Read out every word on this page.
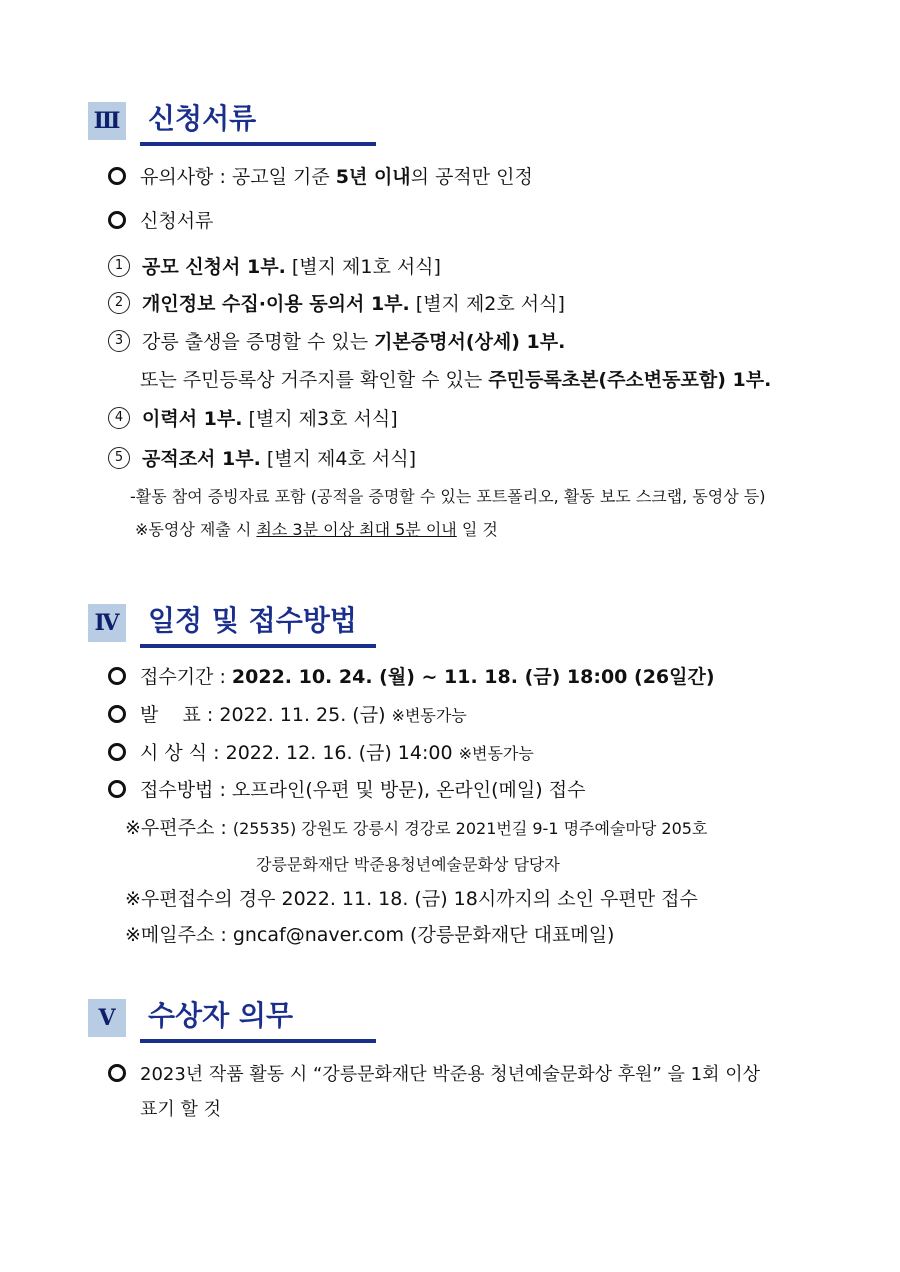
Ⅲ 신청서류
유의사항 : 공고일 기준 5년 이내의 공적만 인정
신청서류
1 공모 신청서 1부. [별지 제1호 서식]
2 개인정보 수집·이용 동의서 1부. [별지 제2호 서식]
3 강릉 출생을 증명할 수 있는 기본증명서(상세) 1부.
또는 주민등록상 거주지를 확인할 수 있는 주민등록초본(주소변동포함) 1부.
4 이력서 1부. [별지 제3호 서식]
5 공적조서 1부. [별지 제4호 서식]
-활동 참여 증빙자료 포함 (공적을 증명할 수 있는 포트폴리오, 활동 보도 스크랩, 동영상 등)
※동영상 제출 시 최소 3분 이상 최대 5분 이내 일 것
Ⅳ 일정 및 접수방법
접수기간 : 2022. 10. 24. (월) ~ 11. 18. (금) 18:00 (26일간)
발    표 : 2022. 11. 25. (금) ※변동가능
시 상 식 : 2022. 12. 16. (금) 14:00 ※변동가능
접수방법 : 오프라인(우편 및 방문), 온라인(메일) 접수
※우편주소 : (25535) 강원도 강릉시 경강로 2021번길 9-1 명주예술마당 205호
강릉문화재단 박준용청년예술문화상 담당자
※우편접수의 경우 2022. 11. 18. (금) 18시까지의 소인 우편만 접수
※메일주소 : gncaf@naver.com (강릉문화재단 대표메일)
Ⅴ	수상자 의무
2023년 작품 활동 시 “강릉문화재단 박준용 청년예술문화상 후원” 을 1회 이상
표기 할 것
